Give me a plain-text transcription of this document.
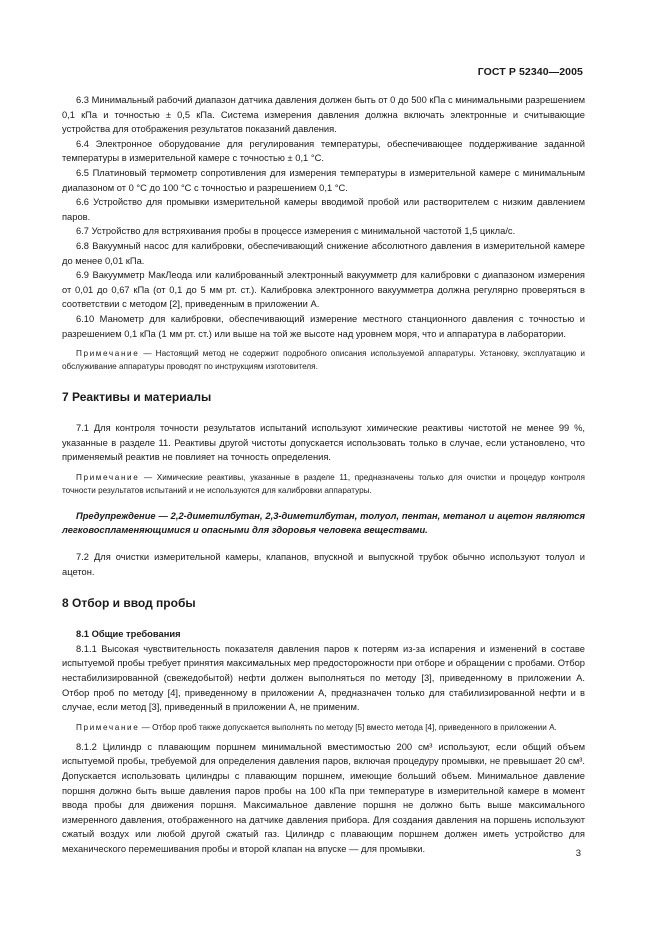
ГОСТ Р 52340—2005

6.3 Минимальный рабочий диапазон датчика давления должен быть от 0 до 500 кПа с минимальными разрешением 0,1 кПа и точностью ± 0,5 кПа. Система измерения давления должна включать электронные и считывающие устройства для отображения результатов показаний давления.

6.4 Электронное оборудование для регулирования температуры, обеспечивающее поддерживание заданной температуры в измерительной камере с точностью ± 0,1 °С.

6.5 Платиновый термометр сопротивления для измерения температуры в измерительной камере с минимальным диапазоном от 0 °С до 100 °С с точностью и разрешением 0,1 °С.

6.6 Устройство для промывки измерительной камеры вводимой пробой или растворителем с низким давлением паров.

6.7 Устройство для встряхивания пробы в процессе измерения с минимальной частотой 1,5 цикла/с.

6.8 Вакуумный насос для калибровки, обеспечивающий снижение абсолютного давления в измерительной камере до менее 0,01 кПа.

6.9 Вакуумметр МакЛеода или калиброванный электронный вакуумметр для калибровки с диапазоном измерения от 0,01 до 0,67 кПа (от 0,1 до 5 мм рт. ст.). Калибровка электронного вакуумметра должна регулярно проверяться в соответствии с методом [2], приведенным в приложении А.

6.10 Манометр для калибровки, обеспечивающий измерение местного станционного давления с точностью и разрешением 0,1 кПа (1 мм рт. ст.) или выше на той же высоте над уровнем моря, что и аппаратура в лаборатории.

Примечание — Настоящий метод не содержит подробного описания используемой аппаратуры. Установку, эксплуатацию и обслуживание аппаратуры проводят по инструкциям изготовителя.

7 Реактивы и материалы

7.1 Для контроля точности результатов испытаний используют химические реактивы чистотой не менее 99 %, указанные в разделе 11. Реактивы другой чистоты допускается использовать только в случае, если установлено, что применяемый реактив не повлияет на точность определения.

Примечание — Химические реактивы, указанные в разделе 11, предназначены только для очистки и процедур контроля точности результатов испытаний и не используются для калибровки аппаратуры.

Предупреждение — 2,2-диметилбутан, 2,3-диметилбутан, толуол, пентан, метанол и ацетон являются легковоспламеняющимися и опасными для здоровья человека веществами.

7.2 Для очистки измерительной камеры, клапанов, впускной и выпускной трубок обычно используют толуол и ацетон.

8 Отбор и ввод пробы
8.1 Общие требования

8.1.1 Высокая чувствительность показателя давления паров к потерям из-за испарения и изменений в составе испытуемой пробы требует принятия максимальных мер предосторожности при отборе и обращении с пробами. Отбор нестабилизированной (свежедобытой) нефти должен выполняться по методу [3], приведенному в приложении А. Отбор проб по методу [4], приведенному в приложении А, предназначен только для стабилизированной нефти и в случае, если метод [3], приведенный в приложении А, не применим.

Примечание — Отбор проб также допускается выполнять по методу [5] вместо метода [4], приведенного в приложении А.

8.1.2 Цилиндр с плавающим поршнем минимальной вместимостью 200 см³ используют, если общий объем испытуемой пробы, требуемой для определения давления паров, включая процедуру промывки, не превышает 20 см³. Допускается использовать цилиндры с плавающим поршнем, имеющие больший объем. Минимальное давление поршня должно быть выше давления паров пробы на 100 кПа при температуре в измерительной камере в момент ввода пробы для движения поршня. Максимальное давление поршня не должно быть выше максимального измеренного давления, отображенного на датчике давления прибора. Для создания давления на поршень используют сжатый воздух или любой другой сжатый газ. Цилиндр с плавающим поршнем должен иметь устройство для механического перемешивания пробы и второй клапан на впуске — для промывки.	3
